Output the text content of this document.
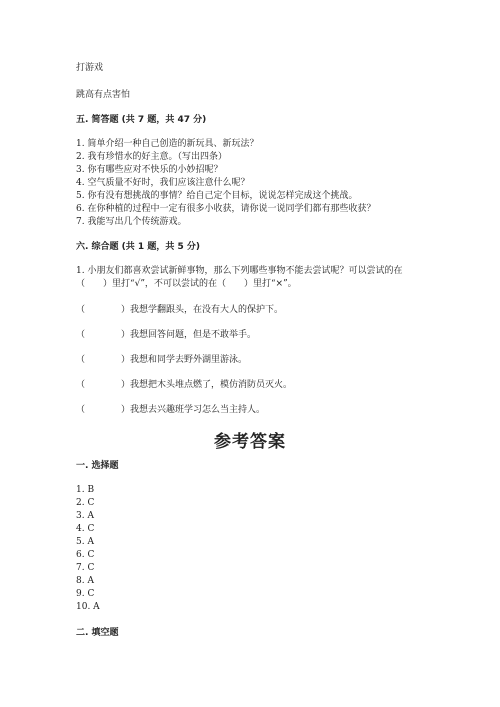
打游戏
跳高有点害怕
五. 简答题 (共 7 题，共 47 分)
1. 简单介绍一种自己创造的新玩具、新玩法？
2. 我有珍惜水的好主意。（写出四条）
3. 你有哪些应对不快乐的小妙招呢？
4. 空气质量不好时，我们应该注意什么呢？
5. 你有没有想挑战的事情？给自己定个目标，说说怎样完成这个挑战。
6. 在你种植的过程中一定有很多小收获，请你说一说同学们都有那些收获？
7. 我能写出几个传统游戏。
六. 综合题 (共 1 题，共 5 分)
1. 小朋友们都喜欢尝试新鲜事物，那么下列哪些事物不能去尝试呢？可以尝试的在（　　）里打“√”，不可以尝试的在（　　）里打“×”。
（　　　　）我想学翻跟头，在没有大人的保护下。
（　　　　）我想回答问题，但是不敢举手。
（　　　　）我想和同学去野外湖里游泳。
（　　　　）我想把木头堆点燃了，模仿消防员灭火。
（　　　　）我想去兴趣班学习怎么当主持人。
参考答案
一. 选择题
1. B
2. C
3. A
4. C
5. A
6. C
7. C
8. A
9. C
10. A
二. 填空题
